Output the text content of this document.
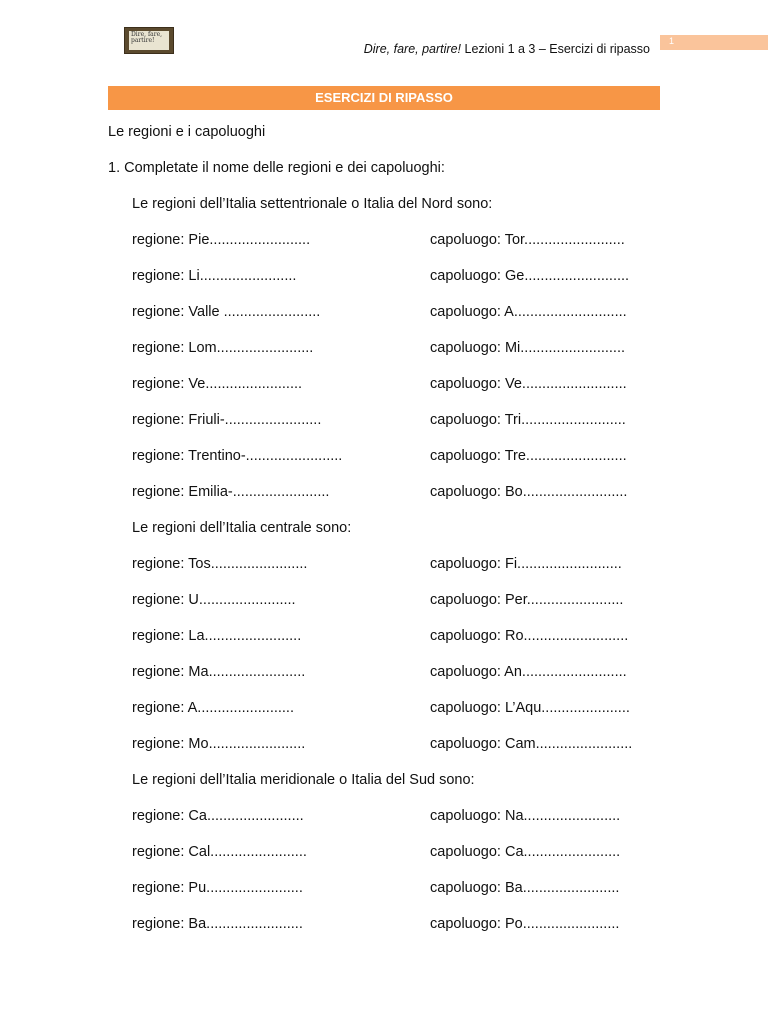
Dire, fare, partire!
Dire, fare, partire! Lezioni 1 a 3 – Esercizi di ripasso
1
ESERCIZI DI RIPASSO
Le regioni e i capoluoghi
1. Completate il nome delle regioni e dei capoluoghi:
Le regioni dell’Italia settentrionale o Italia del Nord sono:
regione: Pie.........................	capoluogo: Tor.........................
regione: Li........................	capoluogo: Ge..........................
regione: Valle ........................	capoluogo: A............................
regione: Lom........................	capoluogo: Mi..........................
regione: Ve........................	capoluogo: Ve..........................
regione: Friuli-........................	capoluogo: Tri..........................
regione: Trentino-........................	capoluogo: Tre.........................
regione: Emilia-........................	capoluogo: Bo..........................
Le regioni dell’Italia centrale sono:
regione: Tos........................	capoluogo: Fi..........................
regione: U........................	capoluogo: Per........................
regione: La........................	capoluogo: Ro..........................
regione: Ma........................	capoluogo: An..........................
regione: A........................	capoluogo: L’Aqu......................
regione: Mo........................	capoluogo: Cam........................
Le regioni dell’Italia meridionale o Italia del Sud sono:
regione: Ca........................	capoluogo: Na........................
regione: Cal........................	capoluogo: Ca........................
regione: Pu........................	capoluogo: Ba........................
regione: Ba........................	capoluogo: Po........................
